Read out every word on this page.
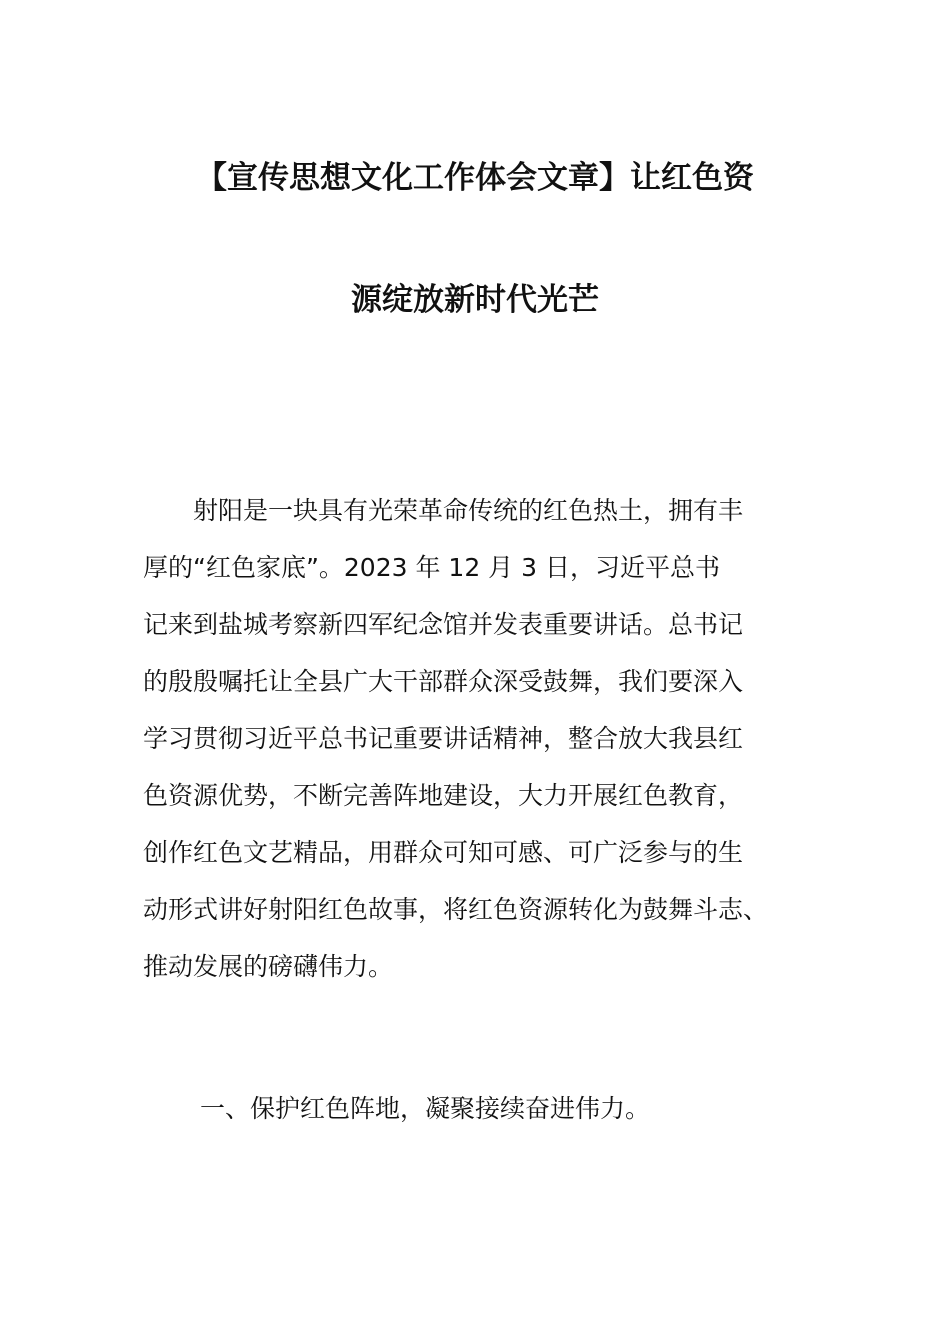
【宣传思想文化工作体会文章】让红色资
源绽放新时代光芒
　　射阳是一块具有光荣革命传统的红色热土，拥有丰
厚的“红色家底”。2023 年 12 月 3 日，习近平总书
记来到盐城考察新四军纪念馆并发表重要讲话。总书记
的殷殷嘱托让全县广大干部群众深受鼓舞，我们要深入
学习贯彻习近平总书记重要讲话精神，整合放大我县红
色资源优势，不断完善阵地建设，大力开展红色教育，
创作红色文艺精品，用群众可知可感、可广泛参与的生
动形式讲好射阳红色故事，将红色资源转化为鼓舞斗志、
推动发展的磅礴伟力。
一、保护红色阵地，凝聚接续奋进伟力。
